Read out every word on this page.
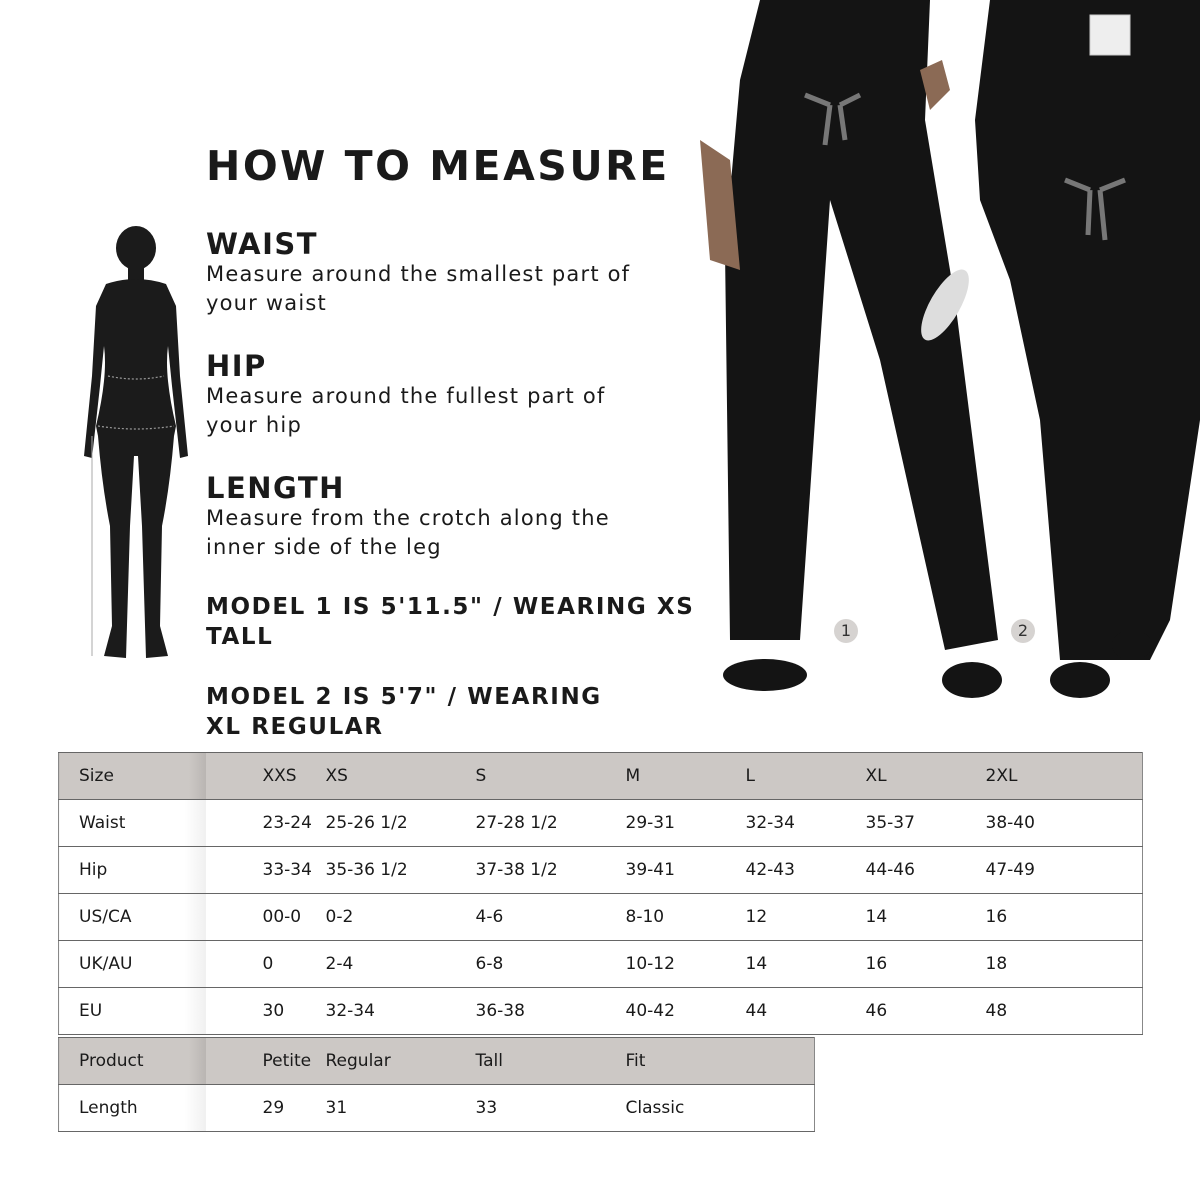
1	2
HOW TO MEASURE
WAIST

Measure around the smallest part of your waist

HIP

Measure around the fullest part of your hip

LENGTH

Measure from the crotch along the inner side of the leg

MODEL 1 IS 5'11.5" / WEARING XS TALL
MODEL 2 IS 5'7" / WEARING XL REGULAR
Size	XXS	XS	S	M	L	XL	2XL
Waist	23-24	25-26 1/2	27-28 1/2	29-31	32-34	35-37	38-40
Hip	33-34	35-36 1/2	37-38 1/2	39-41	42-43	44-46	47-49
US/CA	00-0	0-2	4-6	8-10	12	14	16
UK/AU	0	2-4	6-8	10-12	14	16	18
EU	30	32-34	36-38	40-42	44	46	48
Product	Petite	Regular	Tall	Fit
Length	29	31	33	Classic
